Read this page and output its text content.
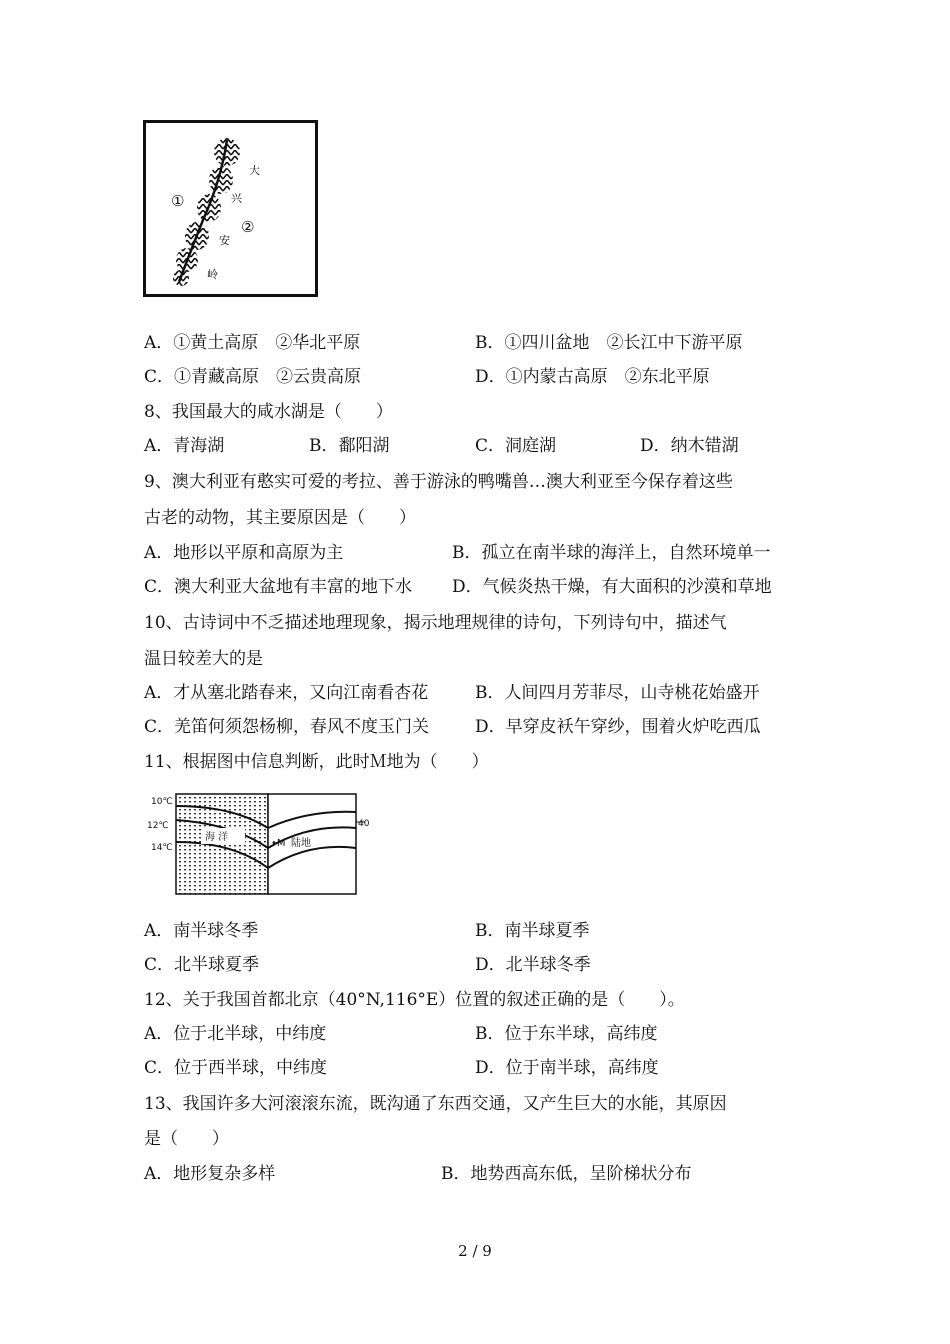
①
②
大
兴
安
岭
A．①黄土高原　②华北平原	B．①四川盆地　②长江中下游平原
C．①青藏高原　②云贵高原	D．①内蒙古高原　②东北平原
8、我国最大的咸水湖是（　　）
A．青海湖	B．鄱阳湖	C．洞庭湖	D．纳木错湖
9、澳大利亚有憨实可爱的考拉、善于游泳的鸭嘴兽…澳大利亚至今保存着这些
古老的动物，其主要原因是（　　）
A．地形以平原和高原为主	B．孤立在南半球的海洋上，自然环境单一
C．澳大利亚大盆地有丰富的地下水 D．气候炎热干燥，有大面积的沙漠和草地
10、古诗词中不乏描述地理现象，揭示地理规律的诗句，下列诗句中，描述气
温日较差大的是
A．才从塞北踏春来，又向江南看杏花	B．人间四月芳菲尽，山寺桃花始盛开
C．羌笛何须怨杨柳，春风不度玉门关	D．早穿皮袄午穿纱，围着火炉吃西瓜
11、根据图中信息判断，此时Ｍ地为（　　）
海 洋
陆地
•M
10℃
12℃
14℃
40
A．南半球冬季	B．南半球夏季
C．北半球夏季	D．北半球冬季
12、关于我国首都北京（40°N,116°E）位置的叙述正确的是（　　）。
A．位于北半球，中纬度	B．位于东半球，高纬度
C．位于西半球，中纬度	D．位于南半球，高纬度
13、我国许多大河滚滚东流，既沟通了东西交通，又产生巨大的水能，其原因
是（　　）
A．地形复杂多样	B．地势西高东低，呈阶梯状分布
2 / 9
